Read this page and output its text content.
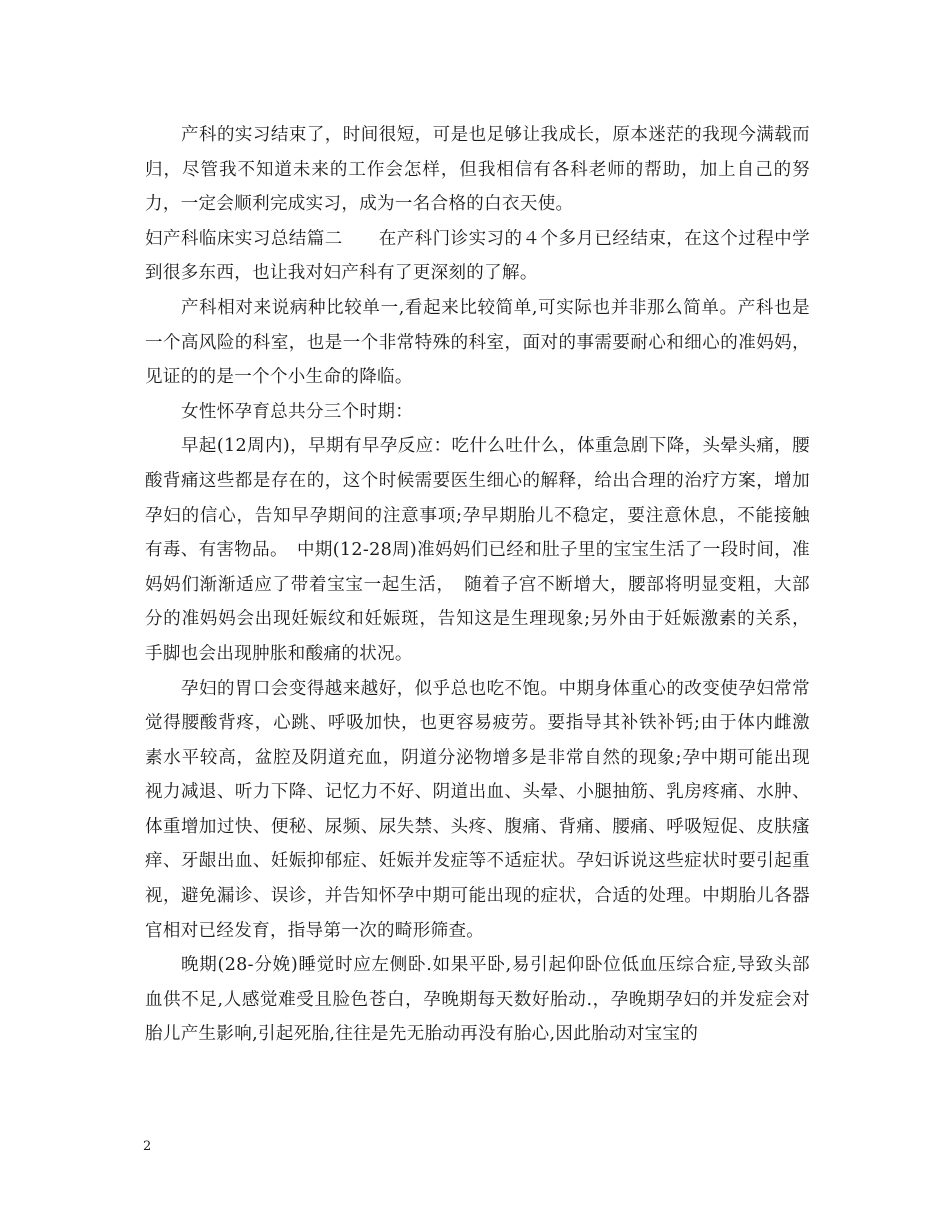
产科的实习结束了，时间很短，可是也足够让我成长，原本迷茫的我现今满载而归，尽管我不知道未来的工作会怎样，但我相信有各科老师的帮助，加上自己的努力，一定会顺利完成实习，成为一名合格的白衣天使。

妇产科临床实习总结篇二　　在产科门诊实习的４个多月已经结束，在这个过程中学到很多东西，也让我对妇产科有了更深刻的了解。

产科相对来说病种比较单一,看起来比较简单,可实际也并非那么简单。产科也是一个高风险的科室，也是一个非常特殊的科室，面对的事需要耐心和细心的准妈妈，见证的的是一个个小生命的降临。

女性怀孕育总共分三个时期：

早起(12周内)，早期有早孕反应：吃什么吐什么，体重急剧下降，头晕头痛，腰酸背痛这些都是存在的，这个时候需要医生细心的解释，给出合理的治疗方案，增加孕妇的信心，告知早孕期间的注意事项;孕早期胎儿不稳定，要注意休息，不能接触有毒、有害物品。　中期(12-28周)准妈妈们已经和肚子里的宝宝生活了一段时间，准妈妈们渐渐适应了带着宝宝一起生活，　随着子宫不断增大，腰部将明显变粗，大部分的准妈妈会出现妊娠纹和妊娠斑，告知这是生理现象;另外由于妊娠激素的关系，手脚也会出现肿胀和酸痛的状况。

孕妇的胃口会变得越来越好，似乎总也吃不饱。中期身体重心的改变使孕妇常常觉得腰酸背疼，心跳、呼吸加快，也更容易疲劳。要指导其补铁补钙;由于体内雌激素水平较高，盆腔及阴道充血，阴道分泌物增多是非常自然的现象;孕中期可能出现视力减退、听力下降、记忆力不好、阴道出血、头晕、小腿抽筋、乳房疼痛、水肿、体重增加过快、便秘、尿频、尿失禁、头疼、腹痛、背痛、腰痛、呼吸短促、皮肤瘙痒、牙龈出血、妊娠抑郁症、妊娠并发症等不适症状。孕妇诉说这些症状时要引起重视，避免漏诊、误诊，并告知怀孕中期可能出现的症状，合适的处理。中期胎儿各器官相对已经发育，指导第一次的畸形筛查。

晚期(28-分娩)睡觉时应左侧卧.如果平卧,易引起仰卧位低血压综合症,导致头部血供不足,人感觉难受且脸色苍白，孕晚期每天数好胎动.，孕晚期孕妇的并发症会对胎儿产生影响,引起死胎,往往是先无胎动再没有胎心,因此胎动对宝宝的

2
